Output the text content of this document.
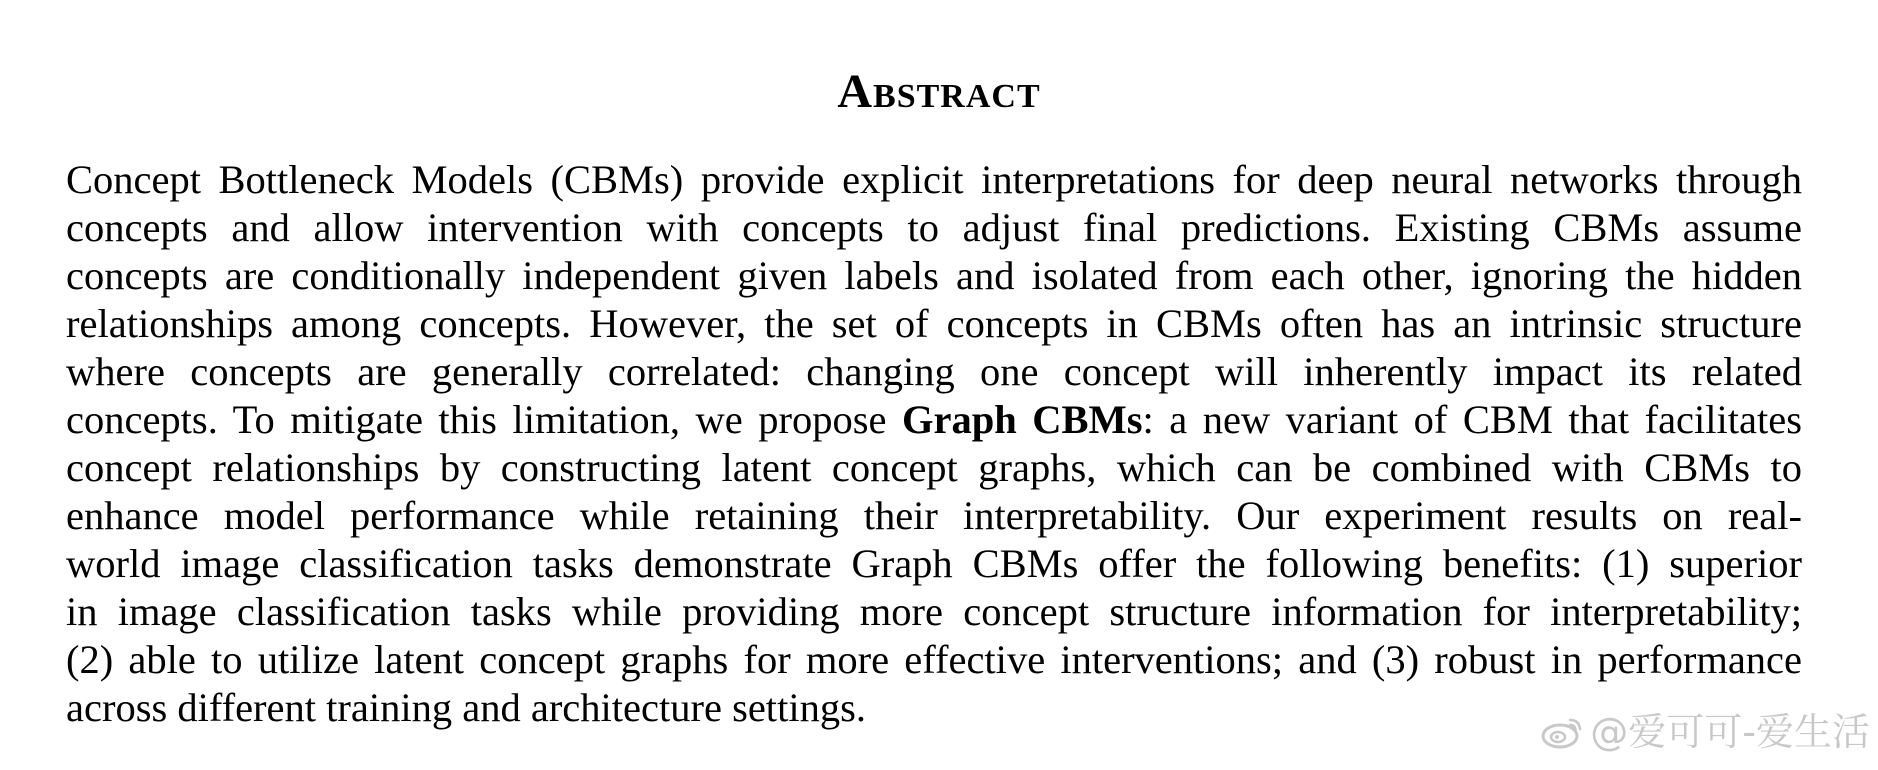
Abstract
Concept Bottleneck Models (CBMs) provide explicit interpretations for deep neural networks through
concepts and allow intervention with concepts to adjust final predictions. Existing CBMs assume
concepts are conditionally independent given labels and isolated from each other, ignoring the hidden
relationships among concepts. However, the set of concepts in CBMs often has an intrinsic structure
where concepts are generally correlated: changing one concept will inherently impact its related
concepts. To mitigate this limitation, we propose Graph CBMs: a new variant of CBM that facilitates
concept relationships by constructing latent concept graphs, which can be combined with CBMs to
enhance model performance while retaining their interpretability. Our experiment results on real-
world image classification tasks demonstrate Graph CBMs offer the following benefits: (1) superior
in image classification tasks while providing more concept structure information for interpretability;
(2) able to utilize latent concept graphs for more effective interventions; and (3) robust in performance
across different training and architecture settings.
@爱可可-爱生活
